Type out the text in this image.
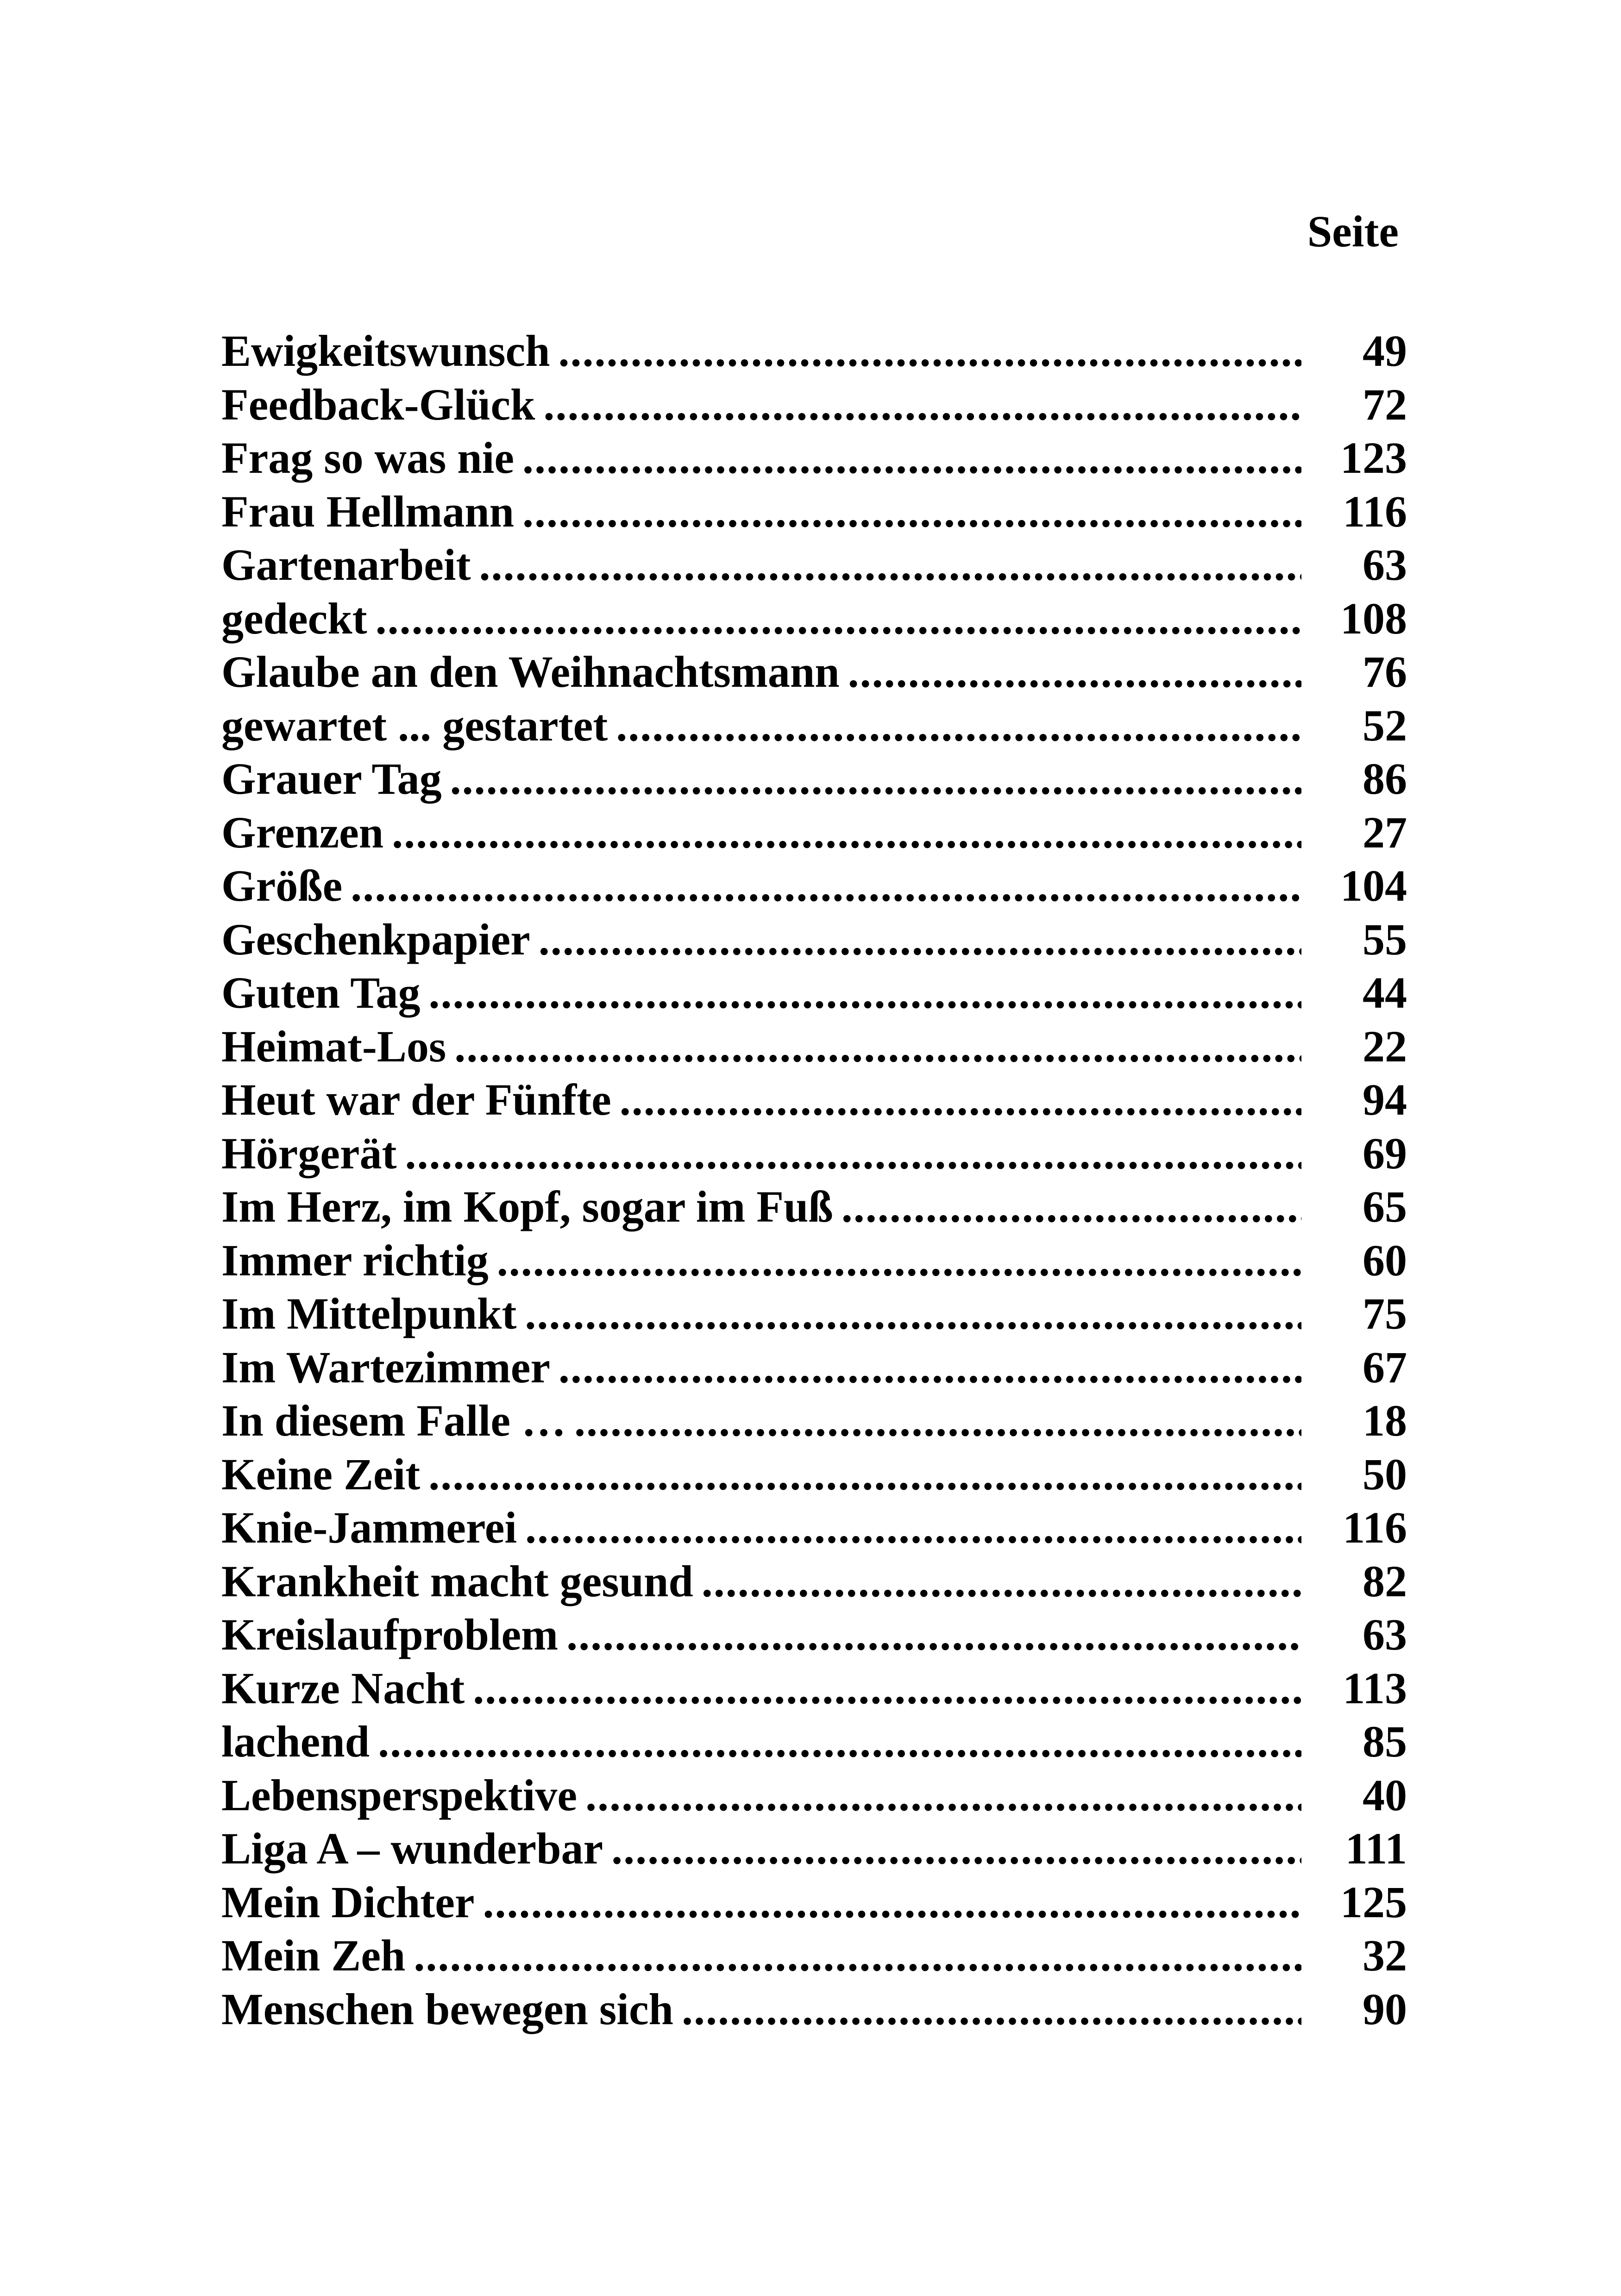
Seite
Ewigkeitswunsch .....	49
Feedback-Glück .....	72
Frag so was nie .....	123
Frau Hellmann .....	116
Gartenarbeit .....	63
gedeckt .....	108
Glaube an den Weihnachtsmann .....	76
gewartet ... gestartet .....	52
Grauer Tag .....	86
Grenzen .....	27
Größe .....	104
Geschenkpapier .....	55
Guten Tag .....	44
Heimat-Los .....	22
Heut war der Fünfte .....	94
Hörgerät .....	69
Im Herz, im Kopf, sogar im Fuß .....	65
Immer richtig .....	60
Im Mittelpunkt .....	75
Im Wartezimmer .....	67
In diesem Falle … .....	18
Keine Zeit .....	50
Knie-Jammerei .....	116
Krankheit macht gesund .....	82
Kreislaufproblem .....	63
Kurze Nacht .....	113
lachend .....	85
Lebensperspektive .....	40
Liga A – wunderbar .....	111
Mein Dichter .....	125
Mein Zeh .....	32
Menschen bewegen sich .....	90
